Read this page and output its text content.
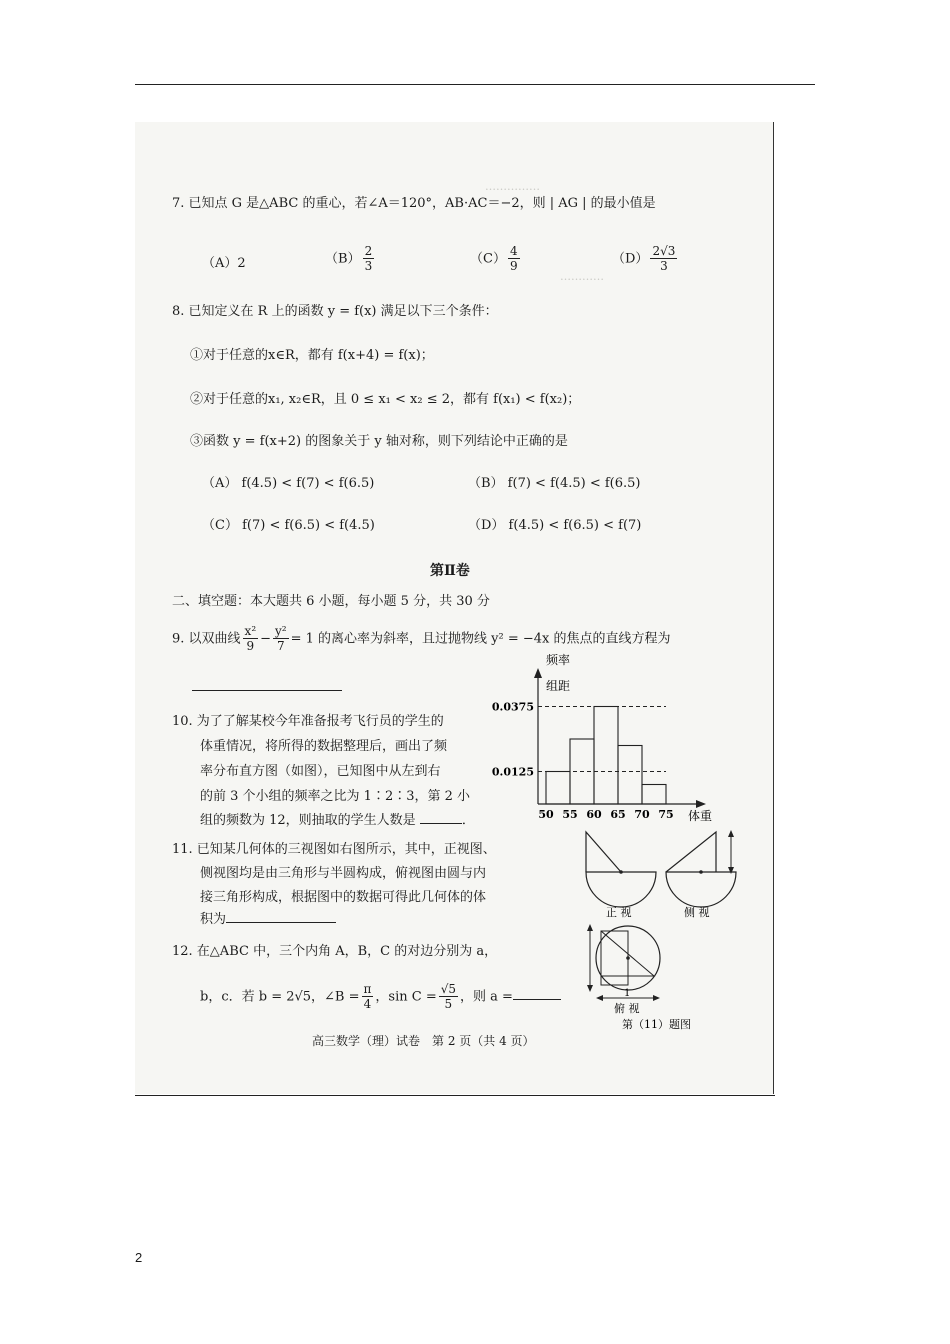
……………
…………
7. 已知点 G 是△ABC 的重心，若∠A＝120°，AB·AC＝−2，则 | AG | 的最小值是
（A）2	$(B) \frac{2}{3}$	$(C) \frac{4}{9}$	$(D) \frac{2√3}{3}$
8. 已知定义在 R 上的函数 y = f(x) 满足以下三个条件：
①对于任意的x∈R，都有 f(x+4) = f(x)；
②对于任意的x₁, x₂∈R，且 0 ≤ x₁ < x₂ ≤ 2，都有 f(x₁) < f(x₂)；
③函数 y = f(x+2) 的图象关于 y 轴对称，则下列结论中正确的是
（A） f(4.5) < f(7) < f(6.5)	（B） f(7) < f(4.5) < f(6.5)
（C） f(7) < f(6.5) < f(4.5)	（D） f(4.5) < f(6.5) < f(7)
第Ⅱ卷
二、填空题：本大题共 6 小题，每小题 5 分，共 30 分
9. 以双曲线 $\frac{\text{x²}}{9} - \frac{\text{y²}}{7} = 1$ 的离心率为斜率，且过抛物线 y² = −4x 的焦点的直线方程为
10. 为了了解某校今年准备报考飞行员的学生的
体重情况，将所得的数据整理后，画出了频
率分布直方图（如图），已知图中从左到右
的前 3 个小组的频率之比为 1∶2∶3，第 2 小
组的频数为 12，则抽取的学生人数是	．
频率
组距
体重
0.0375
0.0125
50 55 60 65 70 75
11. 已知某几何体的三视图如右图所示，其中，正视图、
侧视图均是由三角形与半圆构成，俯视图由圆与内
接三角形构成，根据图中的数据可得此几何体的体
积为	正 视	侧 视
1
俯 视
第（11）题图
12. 在△ABC 中，三个内角 A，B，C 的对边分别为 a，
b，c．若 b = 2√5，∠B = $\frac{\pi}{4}$ ，$\sin C = \frac{√5}{5}$ ，则 a =
高三数学（理）试卷　第 2 页（共 4 页）
2
